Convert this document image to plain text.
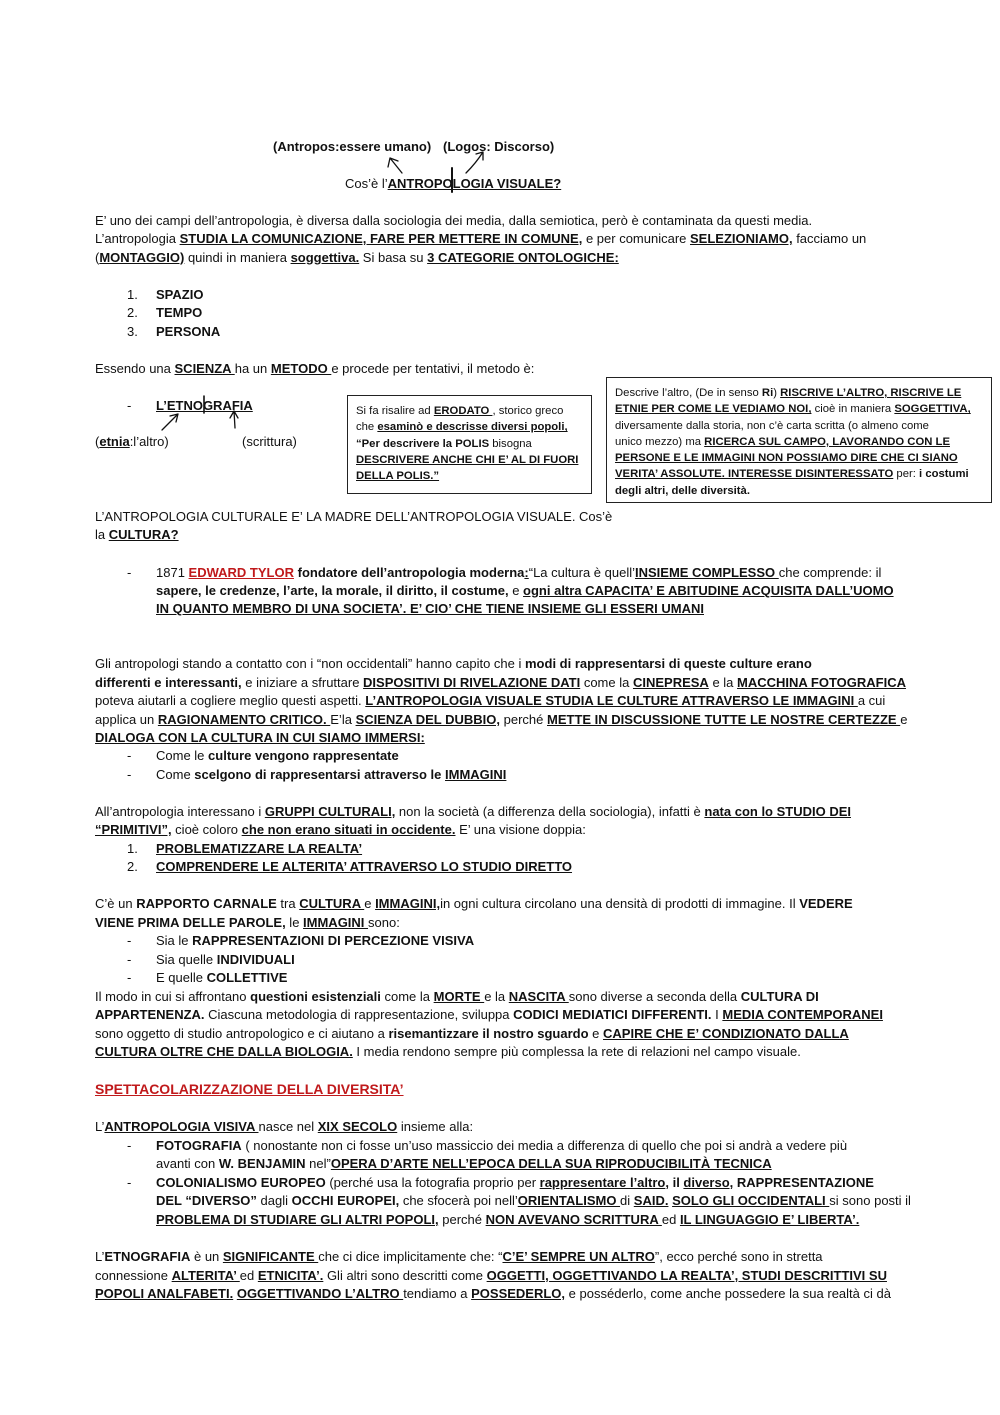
(Antropos:essere umano) (Logos: Discorso)
Cos’è l’ANTROPOLOGIA VISUALE?
E’ uno dei campi dell’antropologia, è diversa dalla sociologia dei media, dalla semiotica, però è contaminata da questi media.
L’antropologia STUDIA LA COMUNICAZIONE, FARE PER METTERE IN COMUNE, e per comunicare SELEZIONIAMO, facciamo un
(MONTAGGIO) quindi in maniera soggettiva. Si basa su 3 CATEGORIE ONTOLOGICHE:
1. SPAZIO
2. TEMPO
3. PERSONA
Essendo una SCIENZA ha un METODO e procede per tentativi, il metodo è:
- L’ETNOGRAFIA
(etnia:l’altro)	(scrittura)
Si fa risalire ad ERODATO , storico greco
che esaminò e descrisse diversi popoli,
“Per descrivere la POLIS bisogna
DESCRIVERE ANCHE CHI E’ AL DI FUORI
DELLA POLIS.”
Descrive l’altro, (De in senso Ri) RISCRIVE L’ALTRO, RISCRIVE LE
ETNIE PER COME LE VEDIAMO NOI, cioè in maniera SOGGETTIVA,
diversamente dalla storia, non c’è carta scritta (o almeno come
unico mezzo) ma RICERCA SUL CAMPO, LAVORANDO CON LE
PERSONE E LE IMMAGINI NON POSSIAMO DIRE CHE CI SIANO
VERITA’ ASSOLUTE. INTERESSE DISINTERESSATO per: i costumi
degli altri, delle diversità.
L’ANTROPOLOGIA CULTURALE E’ LA MADRE DELL’ANTROPOLOGIA VISUALE. Cos’è
la CULTURA?
- 1871 EDWARD TYLOR fondatore dell’antropologia moderna:“La cultura è quell’INSIEME COMPLESSO che comprende: il
sapere, le credenze, l’arte, la morale, il diritto, il costume, e ogni altra CAPACITA’ E ABITUDINE ACQUISITA DALL’UOMO
IN QUANTO MEMBRO DI UNA SOCIETA’. E’ CIO’ CHE TIENE INSIEME GLI ESSERI UMANI
Gli antropologi stando a contatto con i “non occidentali” hanno capito che i modi di rappresentarsi di queste culture erano
differenti e interessanti, e iniziare a sfruttare DISPOSITIVI DI RIVELAZIONE DATI come la CINEPRESA e la MACCHINA FOTOGRAFICA
poteva aiutarli a cogliere meglio questi aspetti. L’ANTROPOLOGIA VISUALE STUDIA LE CULTURE ATTRAVERSO LE IMMAGINI a cui
applica un RAGIONAMENTO CRITICO. E’la SCIENZA DEL DUBBIO, perché METTE IN DISCUSSIONE TUTTE LE NOSTRE CERTEZZE e
DIALOGA CON LA CULTURA IN CUI SIAMO IMMERSI:
- Come le culture vengono rappresentate
- Come scelgono di rappresentarsi attraverso le IMMAGINI
All’antropologia interessano i GRUPPI CULTURALI, non la società (a differenza della sociologia), infatti è nata con lo STUDIO DEI
“PRIMITIVI”, cioè coloro che non erano situati in occidente. E’ una visione doppia:
1. PROBLEMATIZZARE LA REALTA’
2. COMPRENDERE LE ALTERITA’ ATTRAVERSO LO STUDIO DIRETTO
C’è un RAPPORTO CARNALE tra CULTURA e IMMAGINI,in ogni cultura circolano una densità di prodotti di immagine. Il VEDERE
VIENE PRIMA DELLE PAROLE, le IMMAGINI sono:
- Sia le RAPPRESENTAZIONI DI PERCEZIONE VISIVA
- Sia quelle INDIVIDUALI
- E quelle COLLETTIVE
Il modo in cui si affrontano questioni esistenziali come la MORTE e la NASCITA sono diverse a seconda della CULTURA DI
APPARTENENZA. Ciascuna metodologia di rappresentazione, sviluppa CODICI MEDIATICI DIFFERENTI. I MEDIA CONTEMPORANEI
sono oggetto di studio antropologico e ci aiutano a risemantizzare il nostro sguardo e CAPIRE CHE E’ CONDIZIONATO DALLA
CULTURA OLTRE CHE DALLA BIOLOGIA. I media rendono sempre più complessa la rete di relazioni nel campo visuale.
SPETTACOLARIZZAZIONE DELLA DIVERSITA’
L’ANTROPOLOGIA VISIVA nasce nel XIX SECOLO insieme alla:
- FOTOGRAFIA ( nonostante non ci fosse un’uso massiccio dei media a differenza di quello che poi si andrà a vedere più
avanti con W. BENJAMIN nel”OPERA D’ARTE NELL’EPOCA DELLA SUA RIPRODUCIBILITÀ TECNICA
- COLONIALISMO EUROPEO (perché usa la fotografia proprio per rappresentare l’altro, il diverso, RAPPRESENTAZIONE
DEL “DIVERSO” dagli OCCHI EUROPEI, che sfocerà poi nell’ORIENTALISMO di SAID. SOLO GLI OCCIDENTALI si sono posti il
PROBLEMA DI STUDIARE GLI ALTRI POPOLI, perché NON AVEVANO SCRITTURA ed IL LINGUAGGIO E’ LIBERTA’.
L’ETNOGRAFIA è un SIGNIFICANTE che ci dice implicitamente che: “C’E’ SEMPRE UN ALTRO”, ecco perché sono in stretta
connessione ALTERITA’ ed ETNICITA’. Gli altri sono descritti come OGGETTI, OGGETTIVANDO LA REALTA’, STUDI DESCRITTIVI SU
POPOLI ANALFABETI. OGGETTIVANDO L’ALTRO tendiamo a POSSEDERLO, e posséderlo, come anche possedere la sua realtà ci dà
